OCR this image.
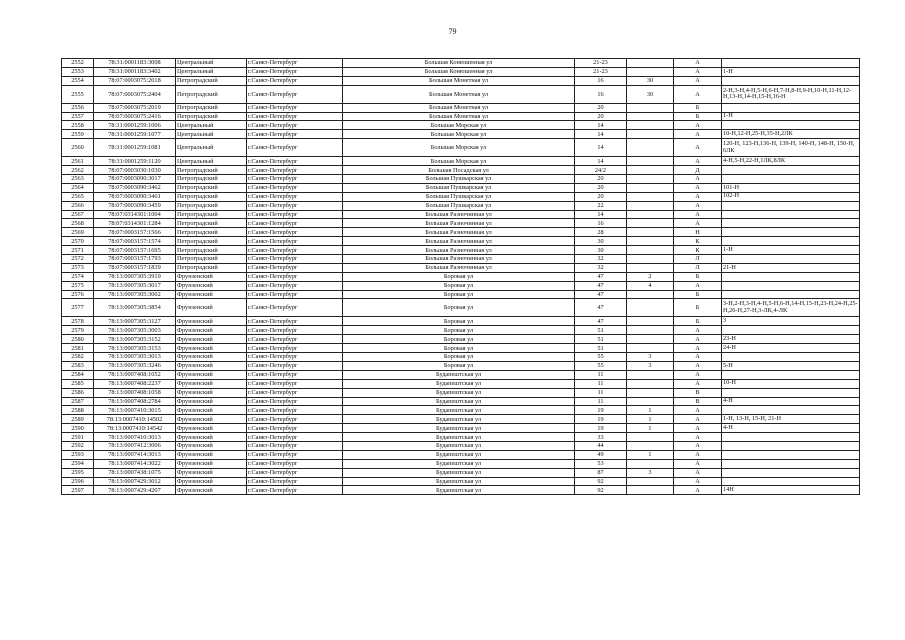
79
2552	78:31:0001183:3008	Центральный	г.Санкт-Петербург	Большая Конюшенная ул	21-23		А	
2553	78:31:0001183:3402	Центральный	г.Санкт-Петербург	Большая Конюшенная ул	21-23		А	1-Н
2554	78:07:0003075:2018	Петроградский	г.Санкт-Петербург	Большая Монетная ул	16	30	А	
2555	78:07:0003075:2404	Петроградский	г.Санкт-Петербург	Большая Монетная ул	16	30	А	2-Н,3-Н,4-Н,5-Н,6-Н,7-Н,8-Н,9-Н,10-Н,11-Н,12-Н,13-Н,14-Н,15-Н,16-Н
2556	78:07:0003075:2019	Петроградский	г.Санкт-Петербург	Большая Монетная ул	20		Б	
2557	78:07:0003075:2416	Петроградский	г.Санкт-Петербург	Большая Монетная ул	20		Б	1-Н
2558	78:31:0001259:1006	Центральный	г.Санкт-Петербург	Большая Морская ул	14		А	
2559	78:31:0001259:1077	Центральный	г.Санкт-Петербург	Большая Морская ул	14		А	10-Н,12-Н,25-Н,35-Н,2ЛК
2560	78:31:0001259:1081	Центральный	г.Санкт-Петербург	Большая Морская ул	14		А	120-Н, 123-Н,136-Н, 139-Н, 140-Н, 148-Н, 150-Н, 6ЛК
2561	78:31:0001259:1120	Центральный	г.Санкт-Петербург	Большая Морская ул	14		А	4-Н,5-Н,22-Н,1ЛК,8ЛК
2562	78:07:0003030:1030	Петроградский	г.Санкт-Петербург	Большая Посадская ул	24/2		Д	
2563	78:07:0003090:3017	Петроградский	г.Санкт-Петербург	Большая Пушкарская ул	20		А	
2564	78:07:0003090:3462	Петроградский	г.Санкт-Петербург	Большая Пушкарская ул	20		А	101-Н
2565	78:07:0003090:3461	Петроградский	г.Санкт-Петербург	Большая Пушкарская ул	20		А	102-Н
2566	78:07:0003090:3459	Петроградский	г.Санкт-Петербург	Большая Пушкарская ул	22		А	
2567	78:07:0314301:1004	Петроградский	г.Санкт-Петербург	Большая Разночинная ул	14		А	
2568	78:07:0314301:1284	Петроградский	г.Санкт-Петербург	Большая Разночинная ул	16		А	
2569	78:07:0003157:1566	Петроградский	г.Санкт-Петербург	Большая Разночинная ул	28		Н	
2570	78:07:0003157:1574	Петроградский	г.Санкт-Петербург	Большая Разночинная ул	30		К	
2571	78:07:0003157:1695	Петроградский	г.Санкт-Петербург	Большая Разночинная ул	30		К	1-Н
2572	78:07:0003157:1793	Петроградский	г.Санкт-Петербург	Большая Разночинная ул	32		Л	
2573	78:07:0003157:1839	Петроградский	г.Санкт-Петербург	Большая Разночинная ул	32		Л	21-Н
2574	78:13:0007305:3919	Фрунзенский	г.Санкт-Петербург	Боровая ул	47	2	Б	
2575	78:13:0007305:3017	Фрунзенский	г.Санкт-Петербург	Боровая ул	47	4	А	
2576	78:13:0007305:3002	Фрунзенский	г.Санкт-Петербург	Боровая ул	47		Б	
2577	78:13:0007305:3854	Фрунзенский	г.Санкт-Петербург	Боровая ул	47		Б	3-Н,2-Н,3-Н,4-Н,5-Н,6-Н,14-Н,15-Н,23-Н,24-Н,25-Н,26-Н,27-Н,3-ЛК,4-ЛК
2578	78:13:0007305:3127	Фрунзенский	г.Санкт-Петербург	Боровая ул	47		Б	3
2579	78:13:0007305:3003	Фрунзенский	г.Санкт-Петербург	Боровая ул	51		А	
2580	78:13:0007305:3152	Фрунзенский	г.Санкт-Петербург	Боровая ул	51		А	23-Н
2581	78:13:0007305:3153	Фрунзенский	г.Санкт-Петербург	Боровая ул	51		А	24-Н
2582	78:13:0007305:3013	Фрунзенский	г.Санкт-Петербург	Боровая ул	55	3	А	
2583	78:13:0007305:3246	Фрунзенский	г.Санкт-Петербург	Боровая ул	55	3	А	5-Н
2584	78:13:0007408:1052	Фрунзенский	г.Санкт-Петербург	Будапештская ул	11		А	
2585	78:13:0007408:2237	Фрунзенский	г.Санкт-Петербург	Будапештская ул	11		А	10-Н
2586	78:13:0007408:1058	Фрунзенский	г.Санкт-Петербург	Будапештская ул	11		В	
2587	78:13:0007408:2784	Фрунзенский	г.Санкт-Петербург	Будапештская ул	11		В	4-Н
2588	78:13:0007410:3015	Фрунзенский	г.Санкт-Петербург	Будапештская ул	19	1	А	
2589	78:13:0007410:14502	Фрунзенский	г.Санкт-Петербург	Будапештская ул	19	1	А	1-Н, 13-Н, 15-Н, 21-Н
2590	78:13:0007410:14542	Фрунзенский	г.Санкт-Петербург	Будапештская ул	19	1	А	4-Н
2591	78:13:0007410:3013	Фрунзенский	г.Санкт-Петербург	Будапештская ул	33		А	
2592	78:13:0007412:3006	Фрунзенский	г.Санкт-Петербург	Будапештская ул	44		А	
2593	78:13:0007414:3013	Фрунзенский	г.Санкт-Петербург	Будапештская ул	49	1	А	
2594	78:13:0007414:3022	Фрунзенский	г.Санкт-Петербург	Будапештская ул	53		А	
2595	78:13:0007438:1075	Фрунзенский	г.Санкт-Петербург	Будапештская ул	87	3	А	
2596	78:13:0007429:3012	Фрунзенский	г.Санкт-Петербург	Будапештская ул	92		А	
2597	78:13:0007429:4207	Фрунзенский	г.Санкт-Петербург	Будапештская ул	92		А	14Н
